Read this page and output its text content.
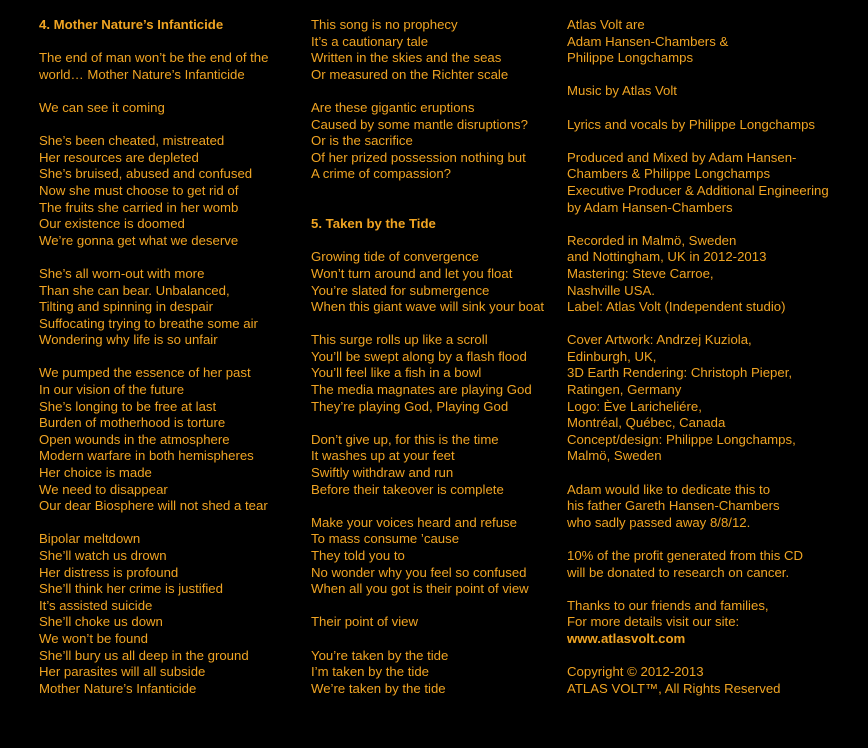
4. Mother Nature’s Infanticide
The end of man won’t be the end of the
world… Mother Nature’s Infanticide
We can see it coming
She’s been cheated, mistreated
Her resources are depleted
She’s bruised, abused and confused
Now she must choose to get rid of
The fruits she carried in her womb
Our existence is doomed
We’re gonna get what we deserve
She’s all worn-out with more
Than she can bear. Unbalanced,
Tilting and spinning in despair
Suffocating trying to breathe some air
Wondering why life is so unfair
We pumped the essence of her past
In our vision of the future
She’s longing to be free at last
Burden of motherhood is torture
Open wounds in the atmosphere
Modern warfare in both hemispheres
Her choice is made
We need to disappear
Our dear Biosphere will not shed a tear
Bipolar meltdown
She’ll watch us drown
Her distress is profound
She’ll think her crime is justified
It’s assisted suicide
She’ll choke us down
We won’t be found
She’ll bury us all deep in the ground
Her parasites will all subside
Mother Nature’s Infanticide
This song is no prophecy
It’s a cautionary tale
Written in the skies and the seas
Or measured on the Richter scale
Are these gigantic eruptions
Caused by some mantle disruptions?
Or is the sacrifice
Of her prized possession nothing but
A crime of compassion?
5. Taken by the Tide
Growing tide of convergence
Won’t turn around and let you float
You’re slated for submergence
When this giant wave will sink your boat
This surge rolls up like a scroll
You’ll be swept along by a flash flood
You’ll feel like a fish in a bowl
The media magnates are playing God
They’re playing God, Playing God
Don’t give up, for this is the time
It washes up at your feet
Swiftly withdraw and run
Before their takeover is complete
Make your voices heard and refuse
To mass consume ’cause
They told you to
No wonder why you feel so confused
When all you got is their point of view
Their point of view
You’re taken by the tide
I’m taken by the tide
We’re taken by the tide
Atlas Volt are
Adam Hansen-Chambers &
Philippe Longchamps
Music by Atlas Volt
Lyrics and vocals by Philippe Longchamps
Produced and Mixed by Adam Hansen-
Chambers & Philippe Longchamps
Executive Producer & Additional Engineering
by Adam Hansen-Chambers
Recorded in Malmö, Sweden
and Nottingham, UK in 2012-2013
Mastering: Steve Carroe,
Nashville USA.
Label: Atlas Volt (Independent studio)
Cover Artwork: Andrzej Kuziola,
Edinburgh, UK,
3D Earth Rendering: Christoph Pieper,
Ratingen, Germany
Logo: Ève Laricheliére,
Montréal, Québec, Canada
Concept/design: Philippe Longchamps,
Malmö, Sweden
Adam would like to dedicate this to
his father Gareth Hansen-Chambers
who sadly passed away 8/8/12.
10% of the profit generated from this CD
will be donated to research on cancer.
Thanks to our friends and families,
For more details visit our site:
www.atlasvolt.com
Copyright © 2012-2013
ATLAS VOLT™, All Rights Reserved
